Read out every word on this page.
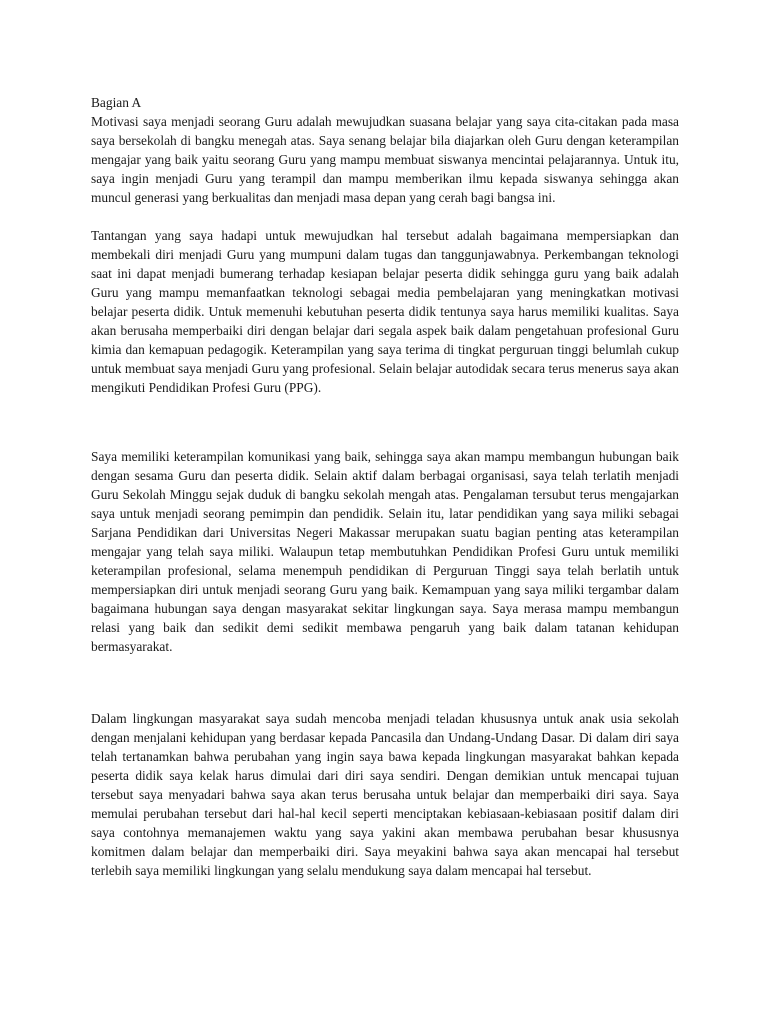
Bagian A

Motivasi saya menjadi seorang Guru adalah mewujudkan suasana belajar yang saya cita-citakan pada masa saya bersekolah di bangku menegah atas. Saya senang belajar bila diajarkan oleh Guru dengan keterampilan mengajar yang baik yaitu seorang Guru yang mampu membuat siswanya mencintai pelajarannya. Untuk itu, saya ingin menjadi Guru yang terampil dan mampu memberikan ilmu kepada siswanya sehingga akan muncul generasi yang berkualitas dan menjadi masa depan yang cerah bagi bangsa ini.

Tantangan yang saya hadapi untuk mewujudkan hal tersebut adalah bagaimana mempersiapkan dan membekali diri menjadi Guru yang mumpuni dalam tugas dan tanggunjawabnya. Perkembangan teknologi saat ini dapat menjadi bumerang terhadap kesiapan belajar peserta didik sehingga guru yang baik adalah Guru yang mampu memanfaatkan teknologi sebagai media pembelajaran yang meningkatkan motivasi belajar peserta didik. Untuk memenuhi kebutuhan peserta didik tentunya saya harus memiliki kualitas. Saya akan berusaha memperbaiki diri dengan belajar dari segala aspek baik dalam pengetahuan profesional Guru kimia dan kemapuan pedagogik. Keterampilan yang saya terima di tingkat perguruan tinggi belumlah cukup untuk membuat saya menjadi Guru yang profesional. Selain belajar autodidak secara terus menerus saya akan mengikuti Pendidikan Profesi Guru (PPG).

Saya memiliki keterampilan komunikasi yang baik, sehingga saya akan mampu membangun hubungan baik dengan sesama Guru dan peserta didik. Selain aktif dalam berbagai organisasi, saya telah terlatih menjadi Guru Sekolah Minggu sejak duduk di bangku sekolah mengah atas. Pengalaman tersubut terus mengajarkan saya untuk menjadi seorang pemimpin dan pendidik. Selain itu, latar pendidikan yang saya miliki sebagai Sarjana Pendidikan dari Universitas Negeri Makassar merupakan suatu bagian penting atas keterampilan mengajar yang telah saya miliki. Walaupun tetap membutuhkan Pendidikan Profesi Guru untuk memiliki keterampilan profesional, selama menempuh pendidikan di Perguruan Tinggi saya telah berlatih untuk mempersiapkan diri untuk menjadi seorang Guru yang baik. Kemampuan yang saya miliki tergambar dalam bagaimana hubungan saya dengan masyarakat sekitar lingkungan saya. Saya merasa mampu membangun relasi yang baik dan sedikit demi sedikit membawa pengaruh yang baik dalam tatanan kehidupan bermasyarakat.

Dalam lingkungan masyarakat saya sudah mencoba menjadi teladan khususnya untuk anak usia sekolah dengan menjalani kehidupan yang berdasar kepada Pancasila dan Undang-Undang Dasar. Di dalam diri saya telah tertanamkan bahwa perubahan yang ingin saya bawa kepada lingkungan masyarakat bahkan kepada peserta didik saya kelak harus dimulai dari diri saya sendiri. Dengan demikian untuk mencapai tujuan tersebut saya menyadari bahwa saya akan terus berusaha untuk belajar dan memperbaiki diri saya. Saya memulai perubahan tersebut dari hal-hal kecil seperti menciptakan kebiasaan-kebiasaan positif dalam diri saya contohnya memanajemen waktu yang saya yakini akan membawa perubahan besar khususnya komitmen dalam belajar dan memperbaiki diri. Saya meyakini bahwa saya akan mencapai hal tersebut terlebih saya memiliki lingkungan yang selalu mendukung saya dalam mencapai hal tersebut.
